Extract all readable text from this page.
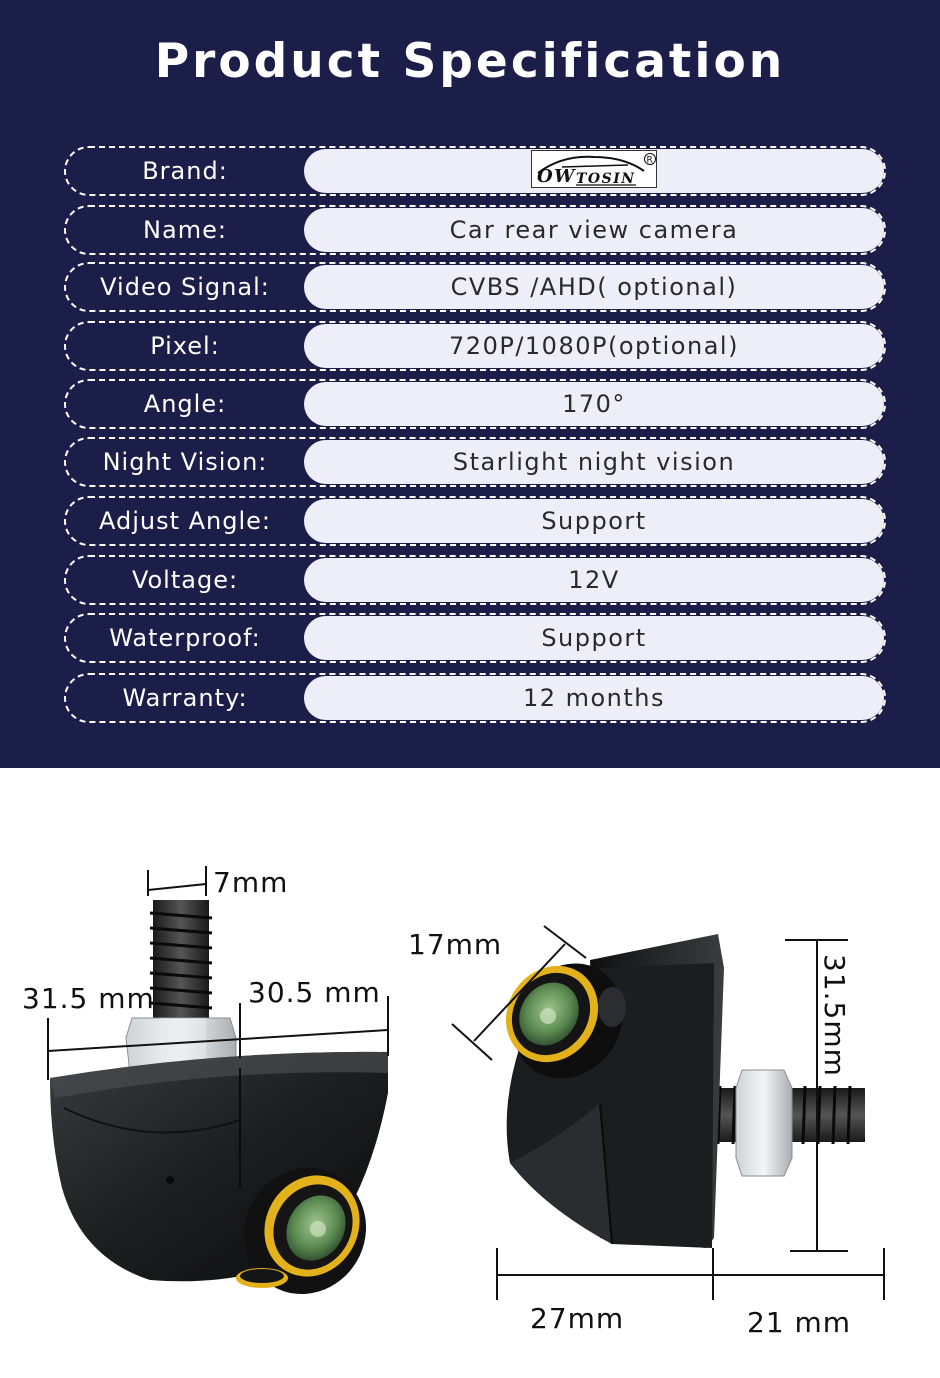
Product Specification
Brand:	OW TOSIN
R
Name:	Car rear view camera
Video Signal:	CVBS /AHD( optional)
Pixel:	720P/1080P(optional)
Angle:	170°
Night Vision:	Starlight night vision
Adjust Angle:	Support
Voltage:	12V
Waterproof:	Support
Warranty:	12 months
7mm
31.5 mm	30.5 mm
17mm
31.5mm
27mm	21 mm
